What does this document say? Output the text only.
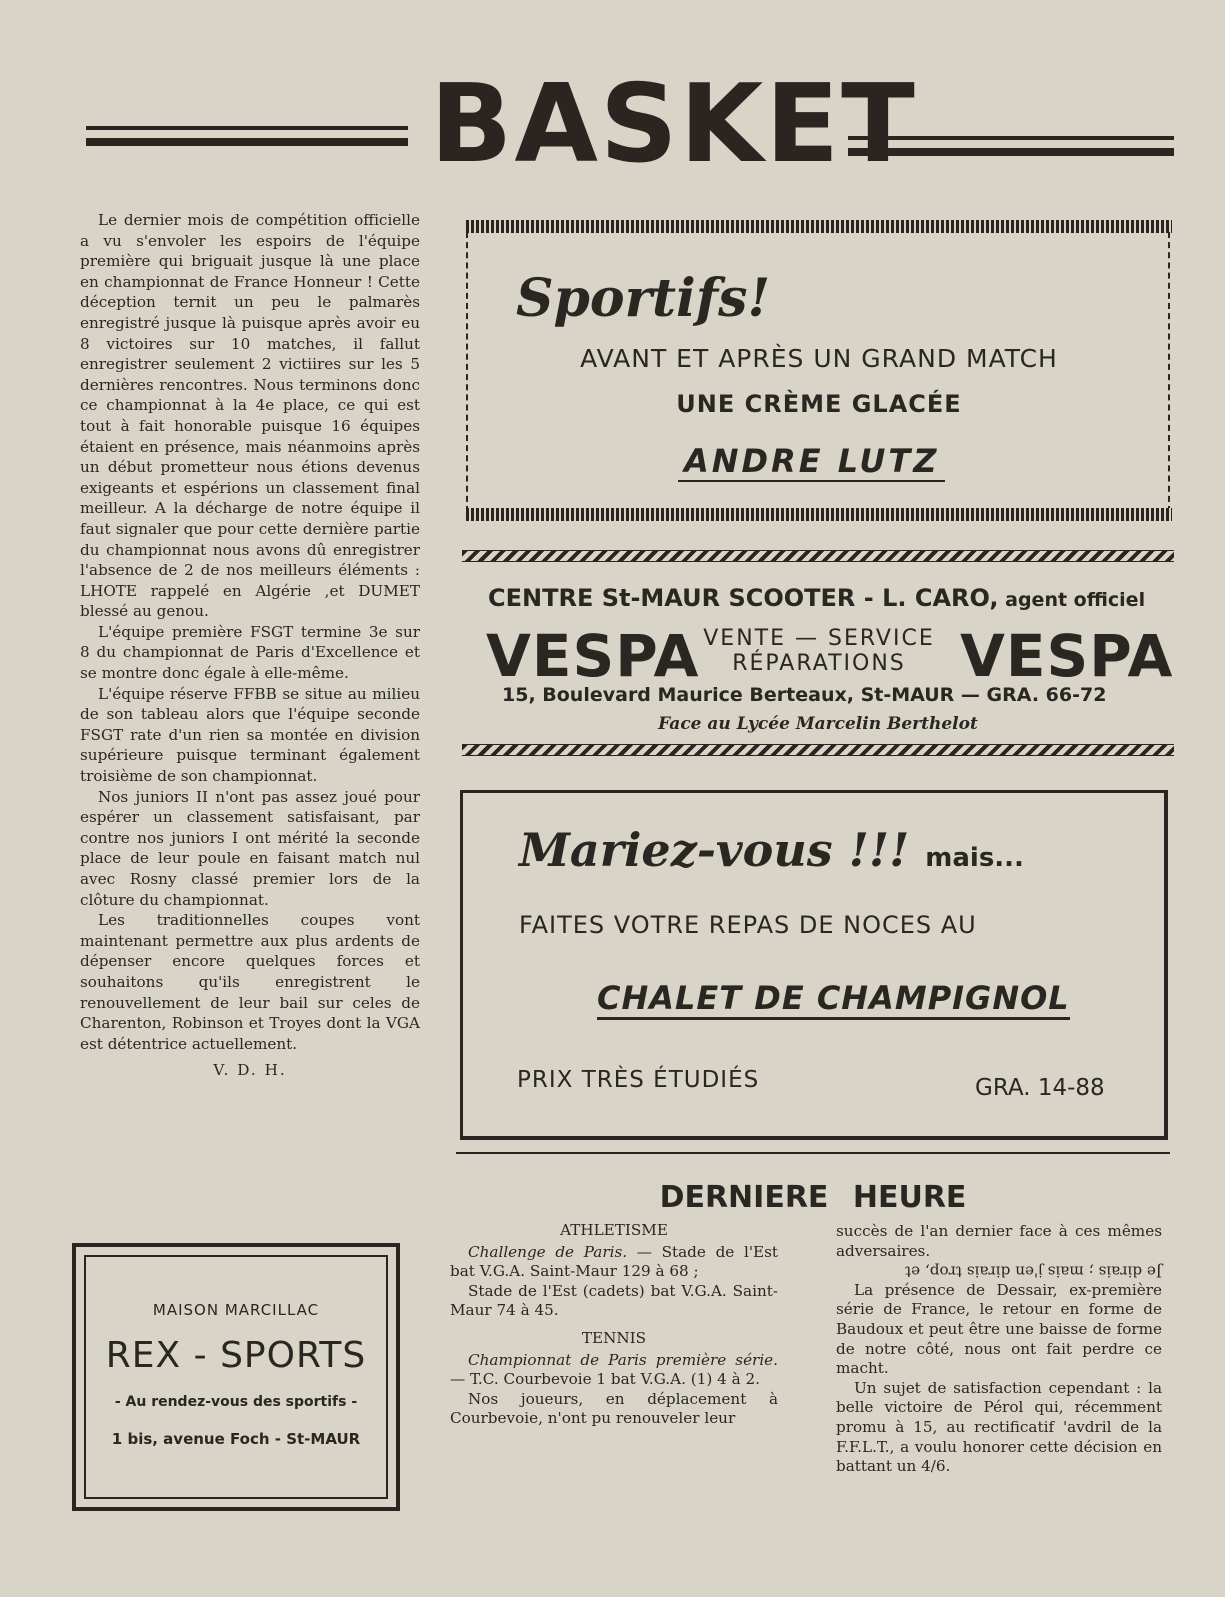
BASKET

Le dernier mois de compétition officielle a vu s'envoler les espoirs de l'équipe première qui briguait jusque là une place en championnat de France Honneur ! Cette déception ternit un peu le palmarès enregistré jusque là puisque après avoir eu 8 victoires sur 10 matches, il fallut enregistrer seulement 2 victiires sur les 5 dernières rencontres. Nous terminons donc ce championnat à la 4e place, ce qui est tout à fait honorable puisque 16 équipes étaient en présence, mais néanmoins après un début prometteur nous étions devenus exigeants et espérions un classement final meilleur. A la décharge de notre équipe il faut signaler que pour cette dernière partie du championnat nous avons dû enregistrer l'absence de 2 de nos meilleurs éléments : LHOTE rappelé en Algérie ,et DUMET blessé au genou.

L'équipe première FSGT termine 3e sur 8 du championnat de Paris d'Excellence et se montre donc égale à elle-même.

L'équipe réserve FFBB se situe au milieu de son tableau alors que l'équipe seconde FSGT rate d'un rien sa montée en division supérieure puisque terminant également troisième de son championnat.

Nos juniors II n'ont pas assez joué pour espérer un classement satisfaisant, par contre nos juniors I ont mérité la seconde place de leur poule en faisant match nul avec Rosny classé premier lors de la clôture du championnat.

Les traditionnelles coupes vont maintenant permettre aux plus ardents de dépenser encore quelques forces et souhaitons qu'ils enregistrent le renouvellement de leur bail sur celes de Charenton, Robinson et Troyes dont la VGA est détentrice actuellement.

V. D. H.

MAISON MARCILLAC
REX - SPORTS
- Au rendez-vous des sportifs -
1 bis, avenue Foch - St-MAUR
Sportifs!
AVANT ET APRÈS UN GRAND MATCH
UNE CRÈME GLACÉE
ANDRE LUTZ
CENTRE St-MAUR SCOOTER - L. CARO, agent officiel
VESPA VENTE — SERVICE
RÉPARATIONS VESPA
15, Boulevard Maurice Berteaux, St-MAUR — GRA. 66-72
Face au Lycée Marcelin Berthelot
Mariez-vous !!! mais...
FAITES VOTRE REPAS DE NOCES AU
CHALET DE CHAMPIGNOL
PRIX TRÈS ÉTUDIÉS	GRA. 14-88
DERNIERE HEURE

ATHLETISME

Challenge de Paris. — Stade de l'Est bat V.G.A. Saint-Maur 129 à 68 ;

Stade de l'Est (cadets) bat V.G.A. Saint-Maur 74 à 45.

TENNIS

Championnat de Paris première série. — T.C. Courbevoie 1 bat V.G.A. (1) 4 à 2.

Nos joueurs, en déplacement à Courbevoie, n'ont pu renouveler leur

succès de l'an dernier face à ces mêmes adversaires.

Je dirais ; mais j'en dirais trop, et

La présence de Dessair, ex-première série de France, le retour en forme de Baudoux et peut être une baisse de forme de notre côté, nous ont fait perdre ce macht.

Un sujet de satisfaction cependant : la belle victoire de Pérol qui, récemment promu à 15, au rectificatif 'avdril de la F.F.L.T., a voulu honorer cette décision en battant un 4/6.
